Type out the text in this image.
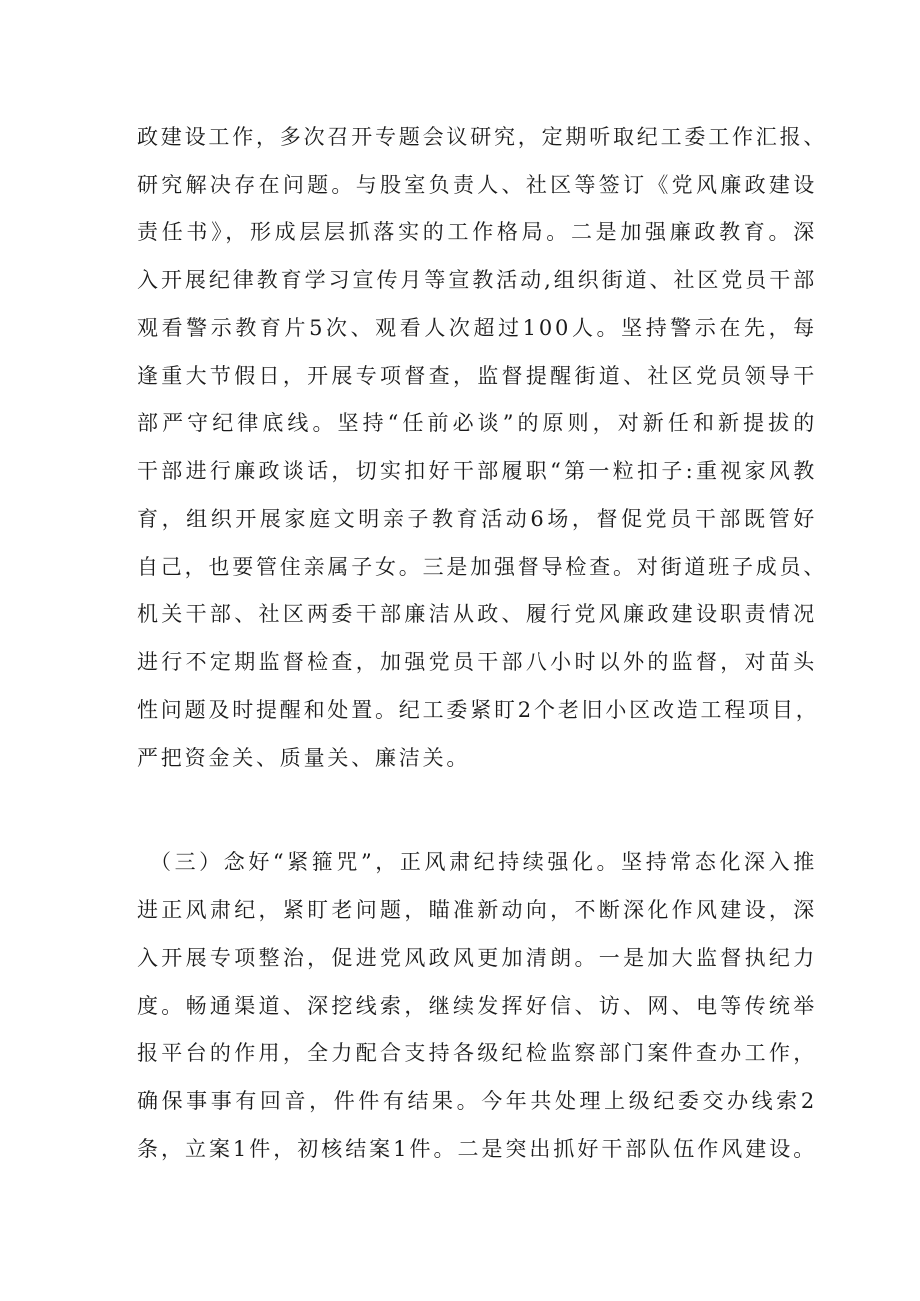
政建设工作，多次召开专题会议研究，定期听取纪工委工作汇报、
研究解决存在问题。与股室负责人、社区等签订《党风廉政建设
责任书》，形成层层抓落实的工作格局。二是加强廉政教育。深
入开展纪律教育学习宣传月等宣教活动,组织街道、社区党员干部
观看警示教育片5次、观看人次超过100人。坚持警示在先，每
逢重大节假日，开展专项督查，监督提醒街道、社区党员领导干
部严守纪律底线。坚持“任前必谈”的原则，对新任和新提拔的
干部进行廉政谈话，切实扣好干部履职“第一粒扣子:重视家风教
育，组织开展家庭文明亲子教育活动6场，督促党员干部既管好
自己，也要管住亲属子女。三是加强督导检查。对街道班子成员、
机关干部、社区两委干部廉洁从政、履行党风廉政建设职责情况
进行不定期监督检查，加强党员干部八小时以外的监督，对苗头
性问题及时提醒和处置。纪工委紧盯2个老旧小区改造工程项目，
严把资金关、质量关、廉洁关。
（三）念好“紧箍咒”，正风肃纪持续强化。坚持常态化深入推
进正风肃纪，紧盯老问题，瞄准新动向，不断深化作风建设，深
入开展专项整治，促进党风政风更加清朗。一是加大监督执纪力
度。畅通渠道、深挖线索，继续发挥好信、访、网、电等传统举
报平台的作用，全力配合支持各级纪检监察部门案件查办工作，
确保事事有回音，件件有结果。今年共处理上级纪委交办线索2
条，立案1件，初核结案1件。二是突出抓好干部队伍作风建设。
